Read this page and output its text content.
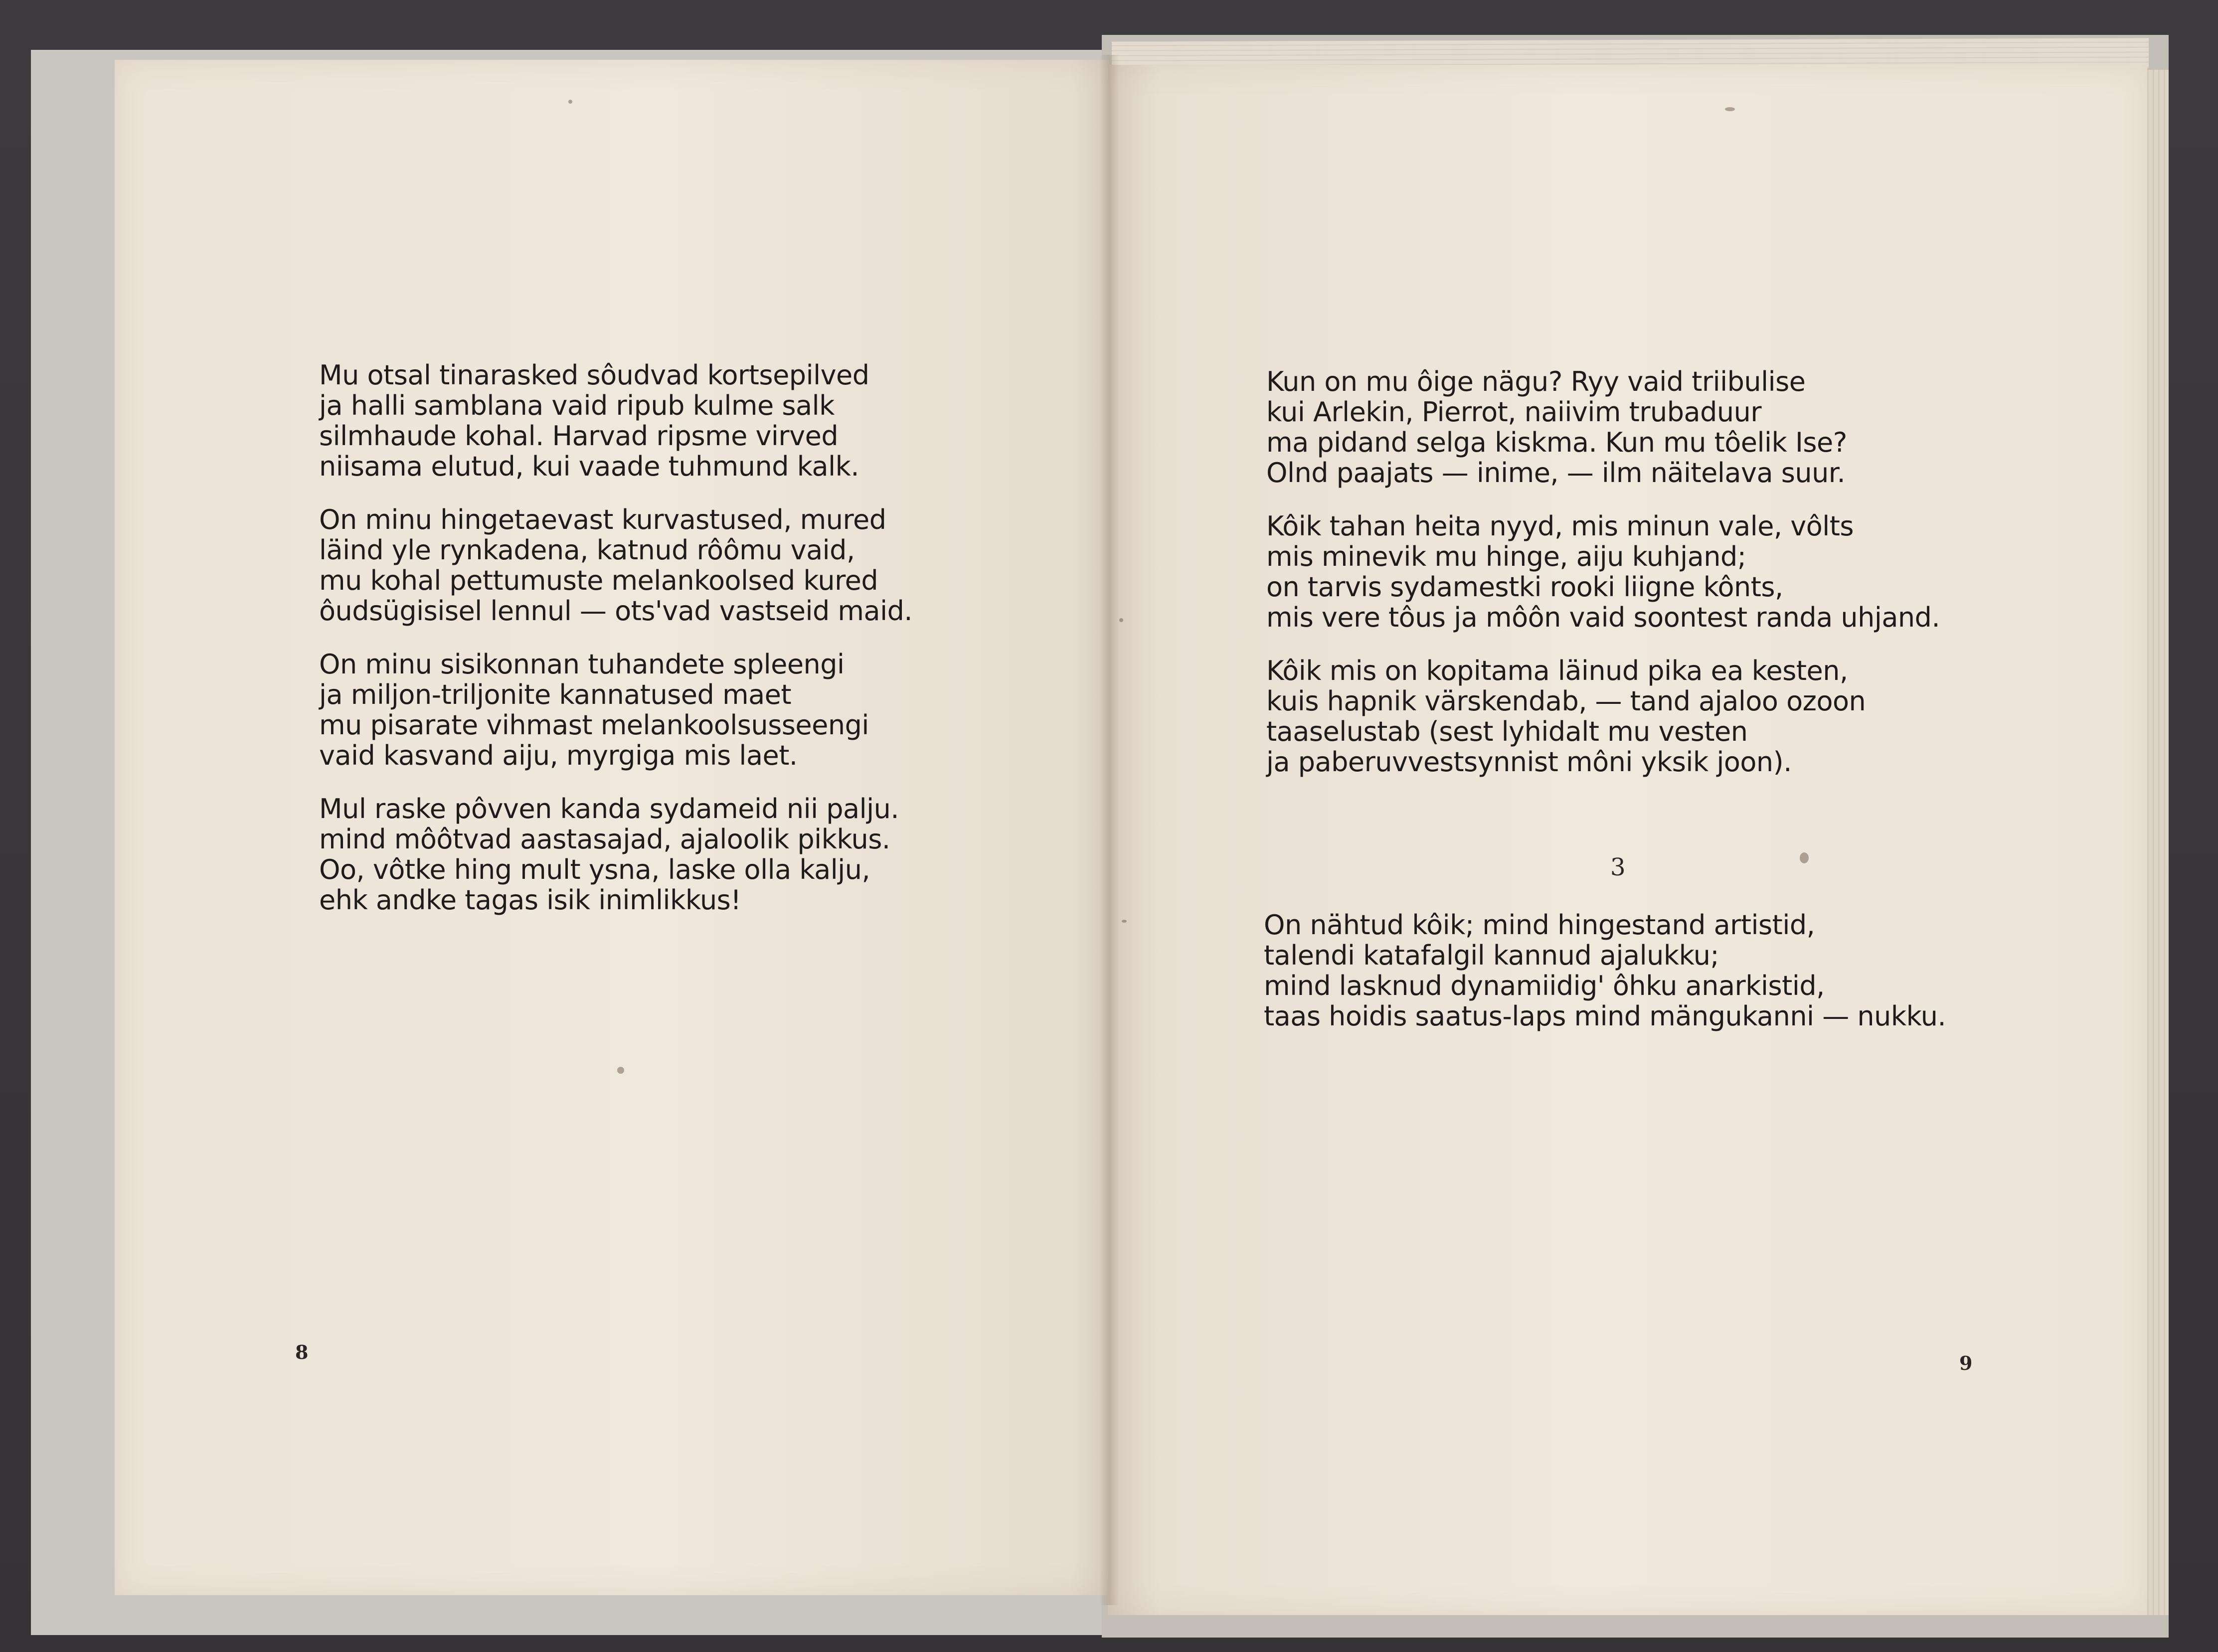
Mu otsal tinarasked sôudvad kortsepilved
ja halli samblana vaid ripub kulme salk
silmhaude kohal. Harvad ripsme virved
niisama elutud, kui vaade tuhmund kalk.
On minu hingetaevast kurvastused, mured
läind yle rynkadena, katnud rôômu vaid,
mu kohal pettumuste melankoolsed kured
ôudsügisisel lennul — ots'vad vastseid maid.
On minu sisikonnan tuhandete spleengi
ja miljon-triljonite kannatused maet
mu pisarate vihmast melankoolsusseengi
vaid kasvand aiju, myrgiga mis laet.
Mul raske pôvven kanda sydameid nii palju.
mind môôtvad aastasajad, ajaloolik pikkus.
Oo, vôtke hing mult ysna, laske olla kalju,
ehk andke tagas isik inimlikkus!
Kun on mu ôige nägu? Ryy vaid triibulise
kui Arlekin, Pierrot, naiivim trubaduur
ma pidand selga kiskma. Kun mu tôelik Ise?
Olnd paajats — inime, — ilm näitelava suur.
Kôik tahan heita nyyd, mis minun vale, vôlts
mis minevik mu hinge, aiju kuhjand;
on tarvis sydamestki rooki liigne kônts,
mis vere tôus ja môôn vaid soontest randa uhjand.
Kôik mis on kopitama läinud pika ea kesten,
kuis hapnik värskendab, — tand ajaloo ozoon
taaselustab (sest lyhidalt mu vesten
ja paberuvvestsynnist môni yksik joon).
3
On nähtud kôik; mind hingestand artistid,
talendi katafalgil kannud ajalukku;
mind lasknud dynamiidig' ôhku anarkistid,
taas hoidis saatus-laps mind mängukanni — nukku.
8	9
